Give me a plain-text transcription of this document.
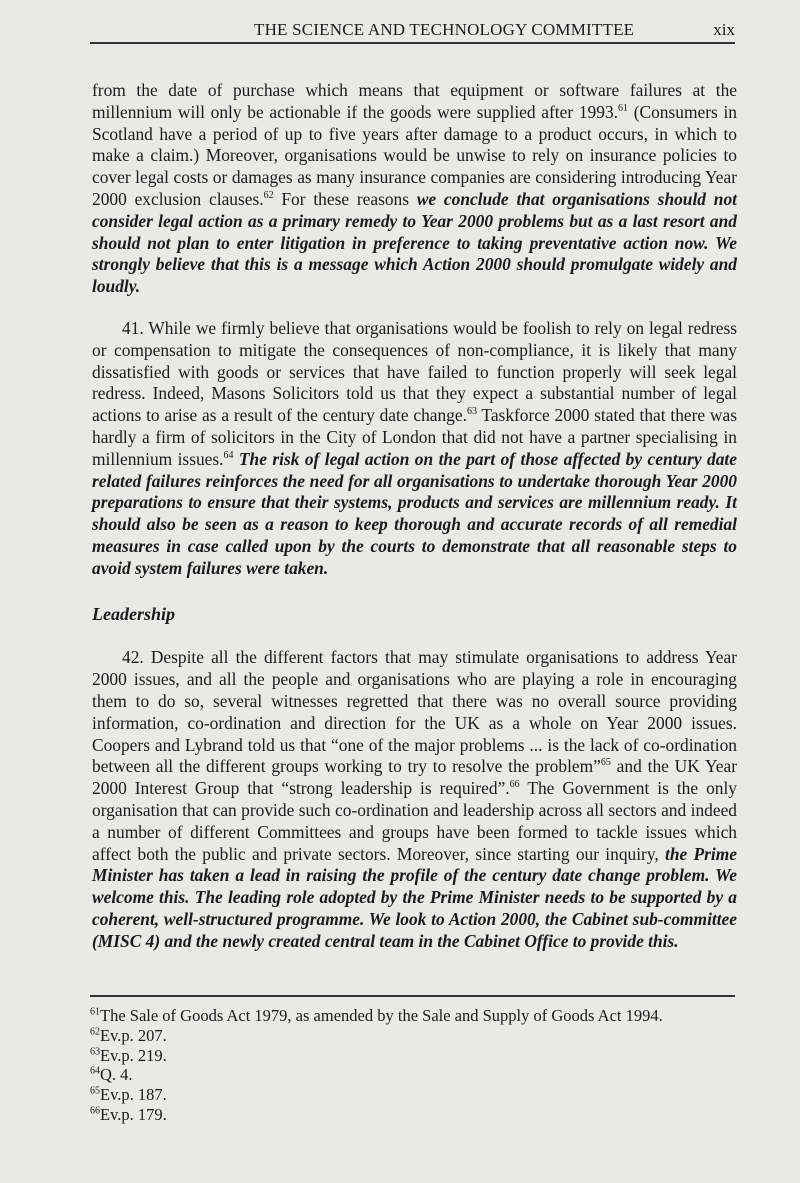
THE SCIENCE AND TECHNOLOGY COMMITTEE	xix

from the date of purchase which means that equipment or software failures at the millennium will only be actionable if the goods were supplied after 1993.61 (Consumers in Scotland have a period of up to five years after damage to a product occurs, in which to make a claim.) Moreover, organisations would be unwise to rely on insurance policies to cover legal costs or damages as many insurance companies are considering introducing Year 2000 exclusion clauses.$^{62}$ For these reasons we conclude that organisations should not consider legal action as a primary remedy to Year 2000 problems but as a last resort and should not plan to enter litigation in preference to taking preventative action now. We strongly believe that this is a message which Action 2000 should promulgate widely and loudly.

41. While we firmly believe that organisations would be foolish to rely on legal redress or compensation to mitigate the consequences of non-compliance, it is likely that many dissatisfied with goods or services that have failed to function properly will seek legal redress. Indeed, Masons Solicitors told us that they expect a substantial number of legal actions to arise as a result of the century date change.$^{63}$ Taskforce 2000 stated that there was hardly a firm of solicitors in the City of London that did not have a partner specialising in millennium issues.$^{64}$ The risk of legal action on the part of those affected by century date related failures reinforces the need for all organisations to undertake thorough Year 2000 preparations to ensure that their systems, products and services are millennium ready. It should also be seen as a reason to keep thorough and accurate records of all remedial measures in case called upon by the courts to demonstrate that all reasonable steps to avoid system failures were taken.

Leadership

42. Despite all the different factors that may stimulate organisations to address Year 2000 issues, and all the people and organisations who are playing a role in encouraging them to do so, several witnesses regretted that there was no overall source providing information, co-ordination and direction for the UK as a whole on Year 2000 issues. Coopers and Lybrand told us that “one of the major problems ... is the lack of co-ordination between all the different groups working to try to resolve the problem”$^{65}$ and the UK Year 2000 Interest Group that “strong leadership is required”.$^{66}$ The Government is the only organisation that can provide such co-ordination and leadership across all sectors and indeed a number of different Committees and groups have been formed to tackle issues which affect both the public and private sectors. Moreover, since starting our inquiry, the Prime Minister has taken a lead in raising the profile of the century date change problem. We welcome this. The leading role adopted by the Prime Minister needs to be supported by a coherent, well-structured programme. We look to Action 2000, the Cabinet sub-committee (MISC 4) and the newly created central team in the Cabinet Office to provide this.

$^{61}$The Sale of Goods Act 1979, as amended by the Sale and Supply of Goods Act 1994.
$^{62}$Ev.p. 207.
$^{63}$Ev.p. 219.
$^{64}$Q. 4.
$^{65}$Ev.p. 187.
$^{66}$Ev.p. 179.
